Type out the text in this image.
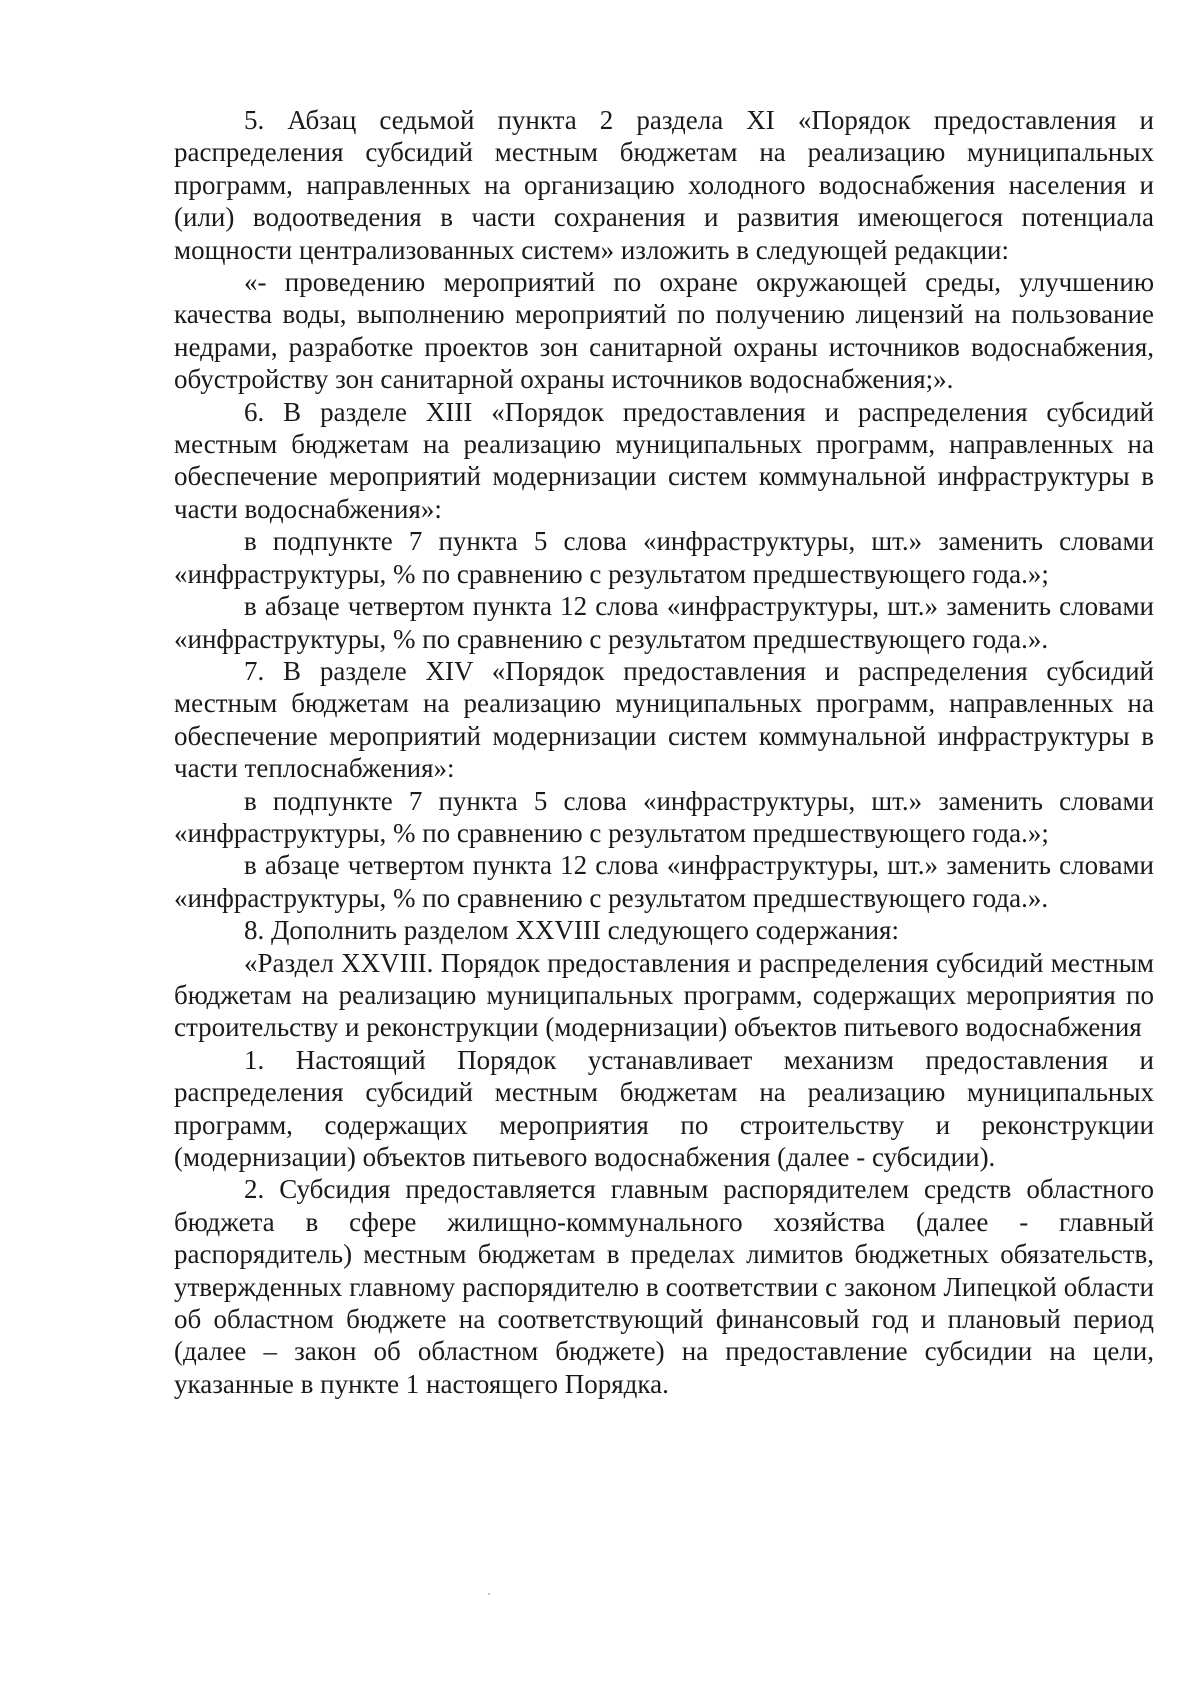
5. Абзац седьмой пункта 2 раздела XI «Порядок предоставления и распределения субсидий местным бюджетам на реализацию муниципальных программ, направленных на организацию холодного водоснабжения населения и (или) водоотведения в части сохранения и развития имеющегося потенциала мощности централизованных систем» изложить в следующей редакции:

«- проведению мероприятий по охране окружающей среды, улучшению качества воды, выполнению мероприятий по получению лицензий на пользование недрами, разработке проектов зон санитарной охраны источников водоснабжения, обустройству зон санитарной охраны источников водоснабжения;».

6. В разделе XIII «Порядок предоставления и распределения субсидий местным бюджетам на реализацию муниципальных программ, направленных на обеспечение мероприятий модернизации систем коммунальной инфраструктуры в части водоснабжения»:

в подпункте 7 пункта 5 слова «инфраструктуры, шт.» заменить словами «инфраструктуры, % по сравнению с результатом предшествующего года.»;

в абзаце четвертом пункта 12 слова «инфраструктуры, шт.» заменить словами «инфраструктуры, % по сравнению с результатом предшествующего года.».

7. В разделе XIV «Порядок предоставления и распределения субсидий местным бюджетам на реализацию муниципальных программ, направленных на обеспечение мероприятий модернизации систем коммунальной инфраструктуры в части теплоснабжения»:

в подпункте 7 пункта 5 слова «инфраструктуры, шт.» заменить словами «инфраструктуры, % по сравнению с результатом предшествующего года.»;

в абзаце четвертом пункта 12 слова «инфраструктуры, шт.» заменить словами «инфраструктуры, % по сравнению с результатом предшествующего года.».

8. Дополнить разделом XXVIII следующего содержания:

«Раздел XXVIII. Порядок предоставления и распределения субсидий местным бюджетам на реализацию муниципальных программ, содержащих мероприятия по строительству и реконструкции (модернизации) объектов питьевого водоснабжения

1. Настоящий Порядок устанавливает механизм предоставления и распределения субсидий местным бюджетам на реализацию муниципальных программ, содержащих мероприятия по строительству и реконструкции (модернизации) объектов питьевого водоснабжения (далее - субсидии).

2. Субсидия предоставляется главным распорядителем средств областного бюджета в сфере жилищно-коммунального хозяйства (далее - главный распорядитель) местным бюджетам в пределах лимитов бюджетных обязательств, утвержденных главному распорядителю в соответствии с законом Липецкой области об областном бюджете на соответствующий финансовый год и плановый период (далее – закон об областном бюджете) на предоставление субсидии на цели, указанные в пункте 1 настоящего Порядка.
